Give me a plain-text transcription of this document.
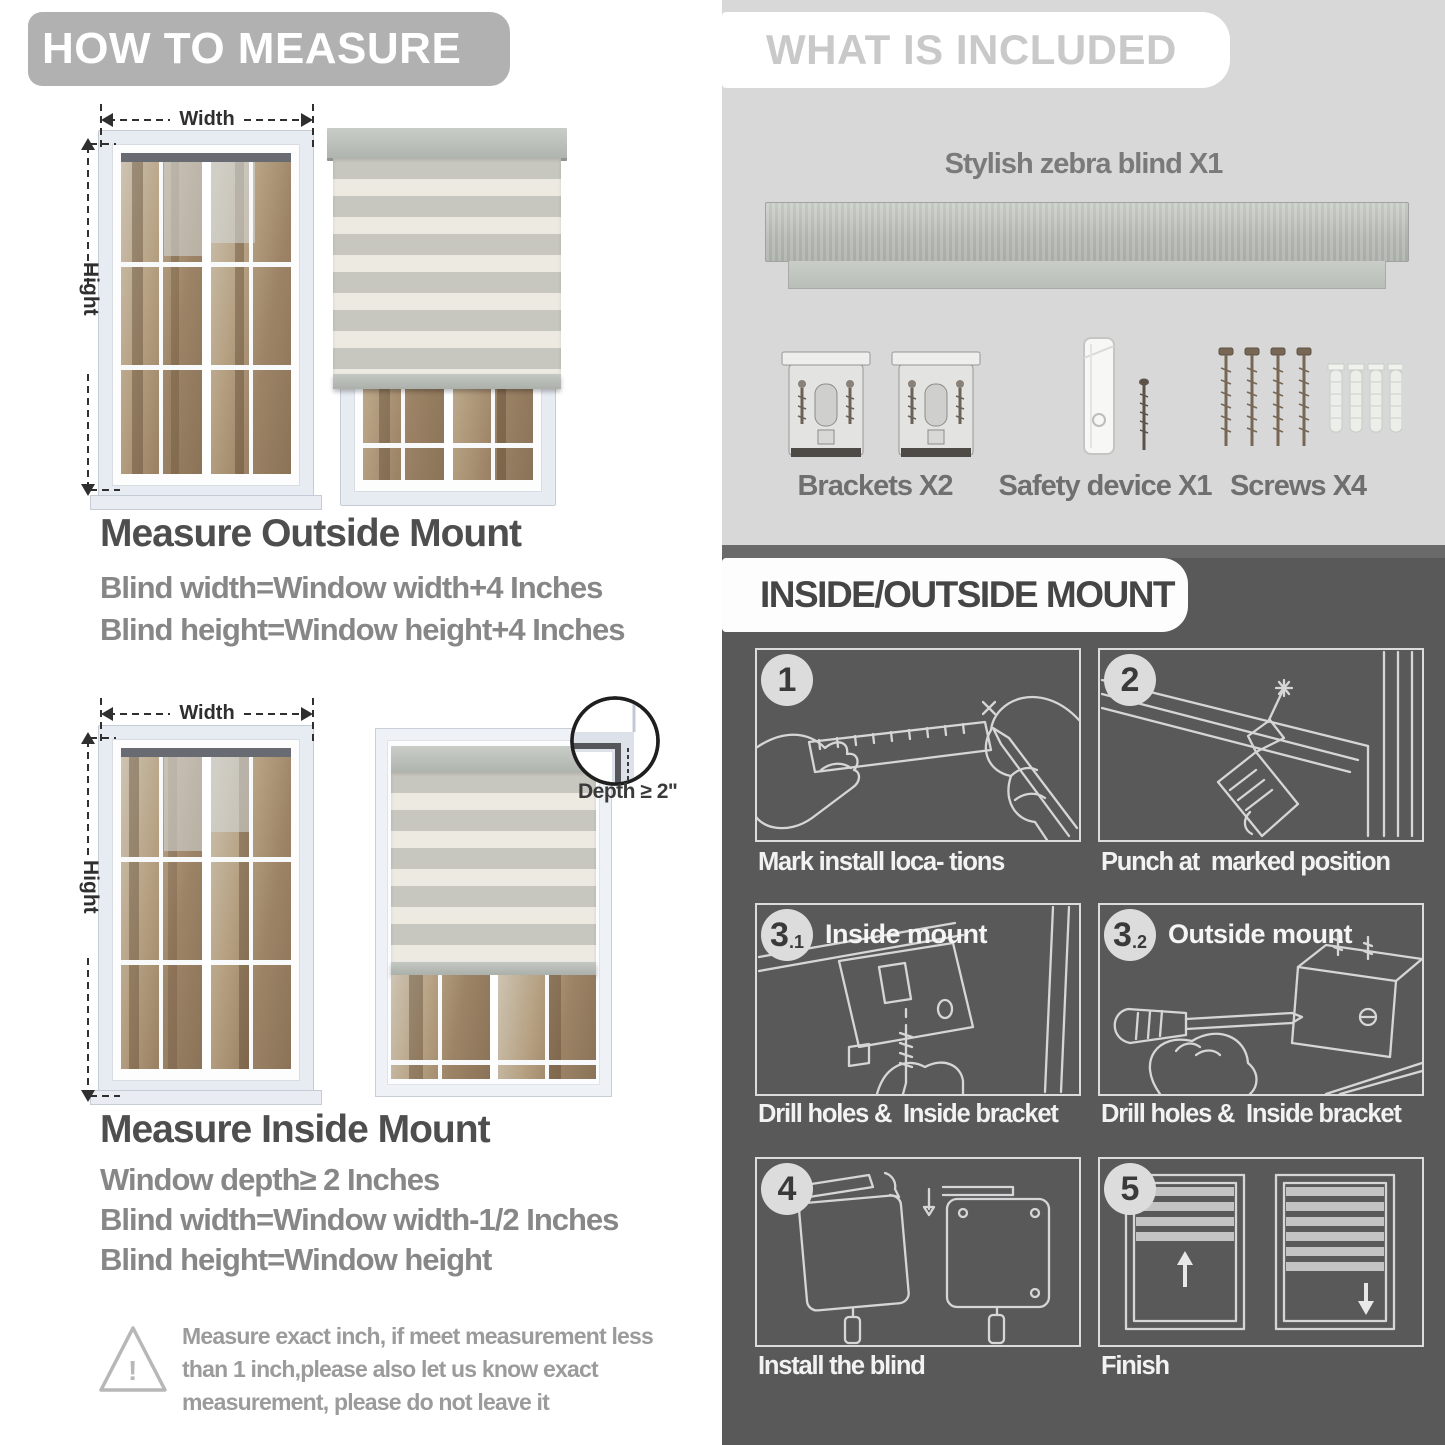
HOW TO MEASURE
Width
Hight
Measure Outside Mount
Blind width=Window width+4 Inches
Blind height=Window height+4 Inches
Depth ≥ 2"
Width
Hight
Measure Inside Mount
Window depth≥ 2 Inches
Blind width=Window width-1/2 Inches
Blind height=Window height
!
Measure exact inch, if meet measurement less
than 1 inch,please also let us know exact
measurement, please do not leave it
WHAT IS INCLUDED
Stylish zebra blind X1
Brackets X2	Safety device X1 Screws X4
INSIDE/OUTSIDE MOUNT
1
Mark install loca- tions
2
Punch at  marked position
3 .1 Inside mount
Drill holes &  Inside bracket
3 .2 Outside mount
Drill holes &  Inside bracket
4
Install the blind
5
Finish
